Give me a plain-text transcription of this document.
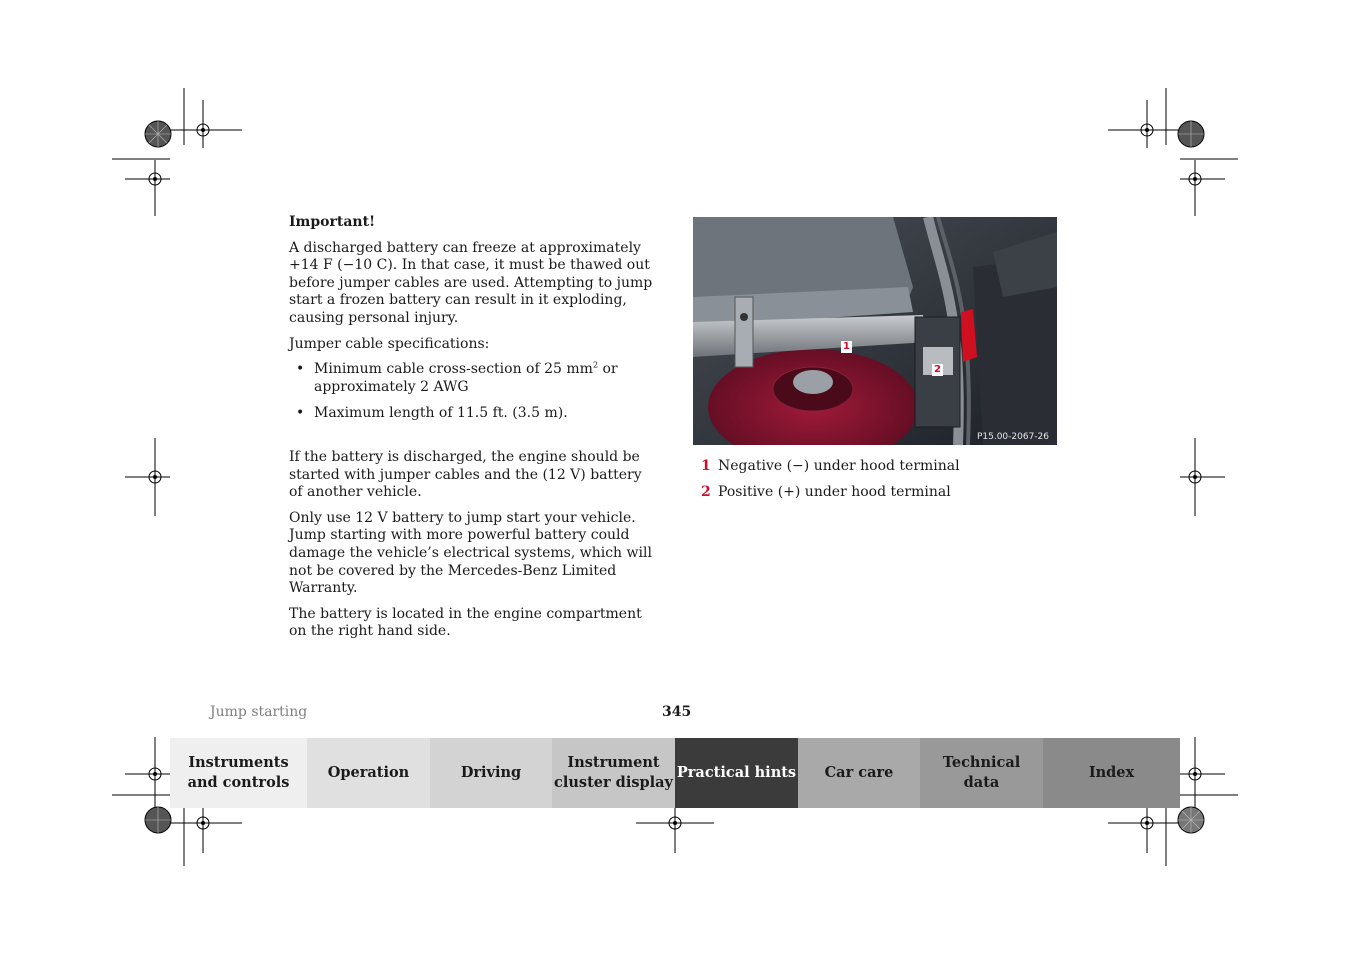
Important!

A discharged battery can freeze at approximately +14 F (−10 C). In that case, it must be thawed out before jumper cables are used. Attempting to jump start a frozen battery can result in it exploding, causing personal injury.

Jumper cable specifications:

• Minimum cable cross-section of 25 $mm^2$ or approximately 2 AWG
• Maximum length of 11.5 ft. (3.5 m).

If the battery is discharged, the engine should be started with jumper cables and the (12 V) battery of another vehicle.

Only use 12 V battery to jump start your vehicle. Jump starting with more powerful battery could damage the vehicle’s electrical systems, which will not be covered by the Mercedes-Benz Limited Warranty.

The battery is located in the engine compartment on the right hand side.

1
2
P15.00-2067-26
1 Negative (−) under hood terminal
2 Positive (+) under hood terminal
Jump starting	345
Instruments
and controls
Operation	Driving
Instrument
cluster display
Practical hints Car care
Technical
data
Index
